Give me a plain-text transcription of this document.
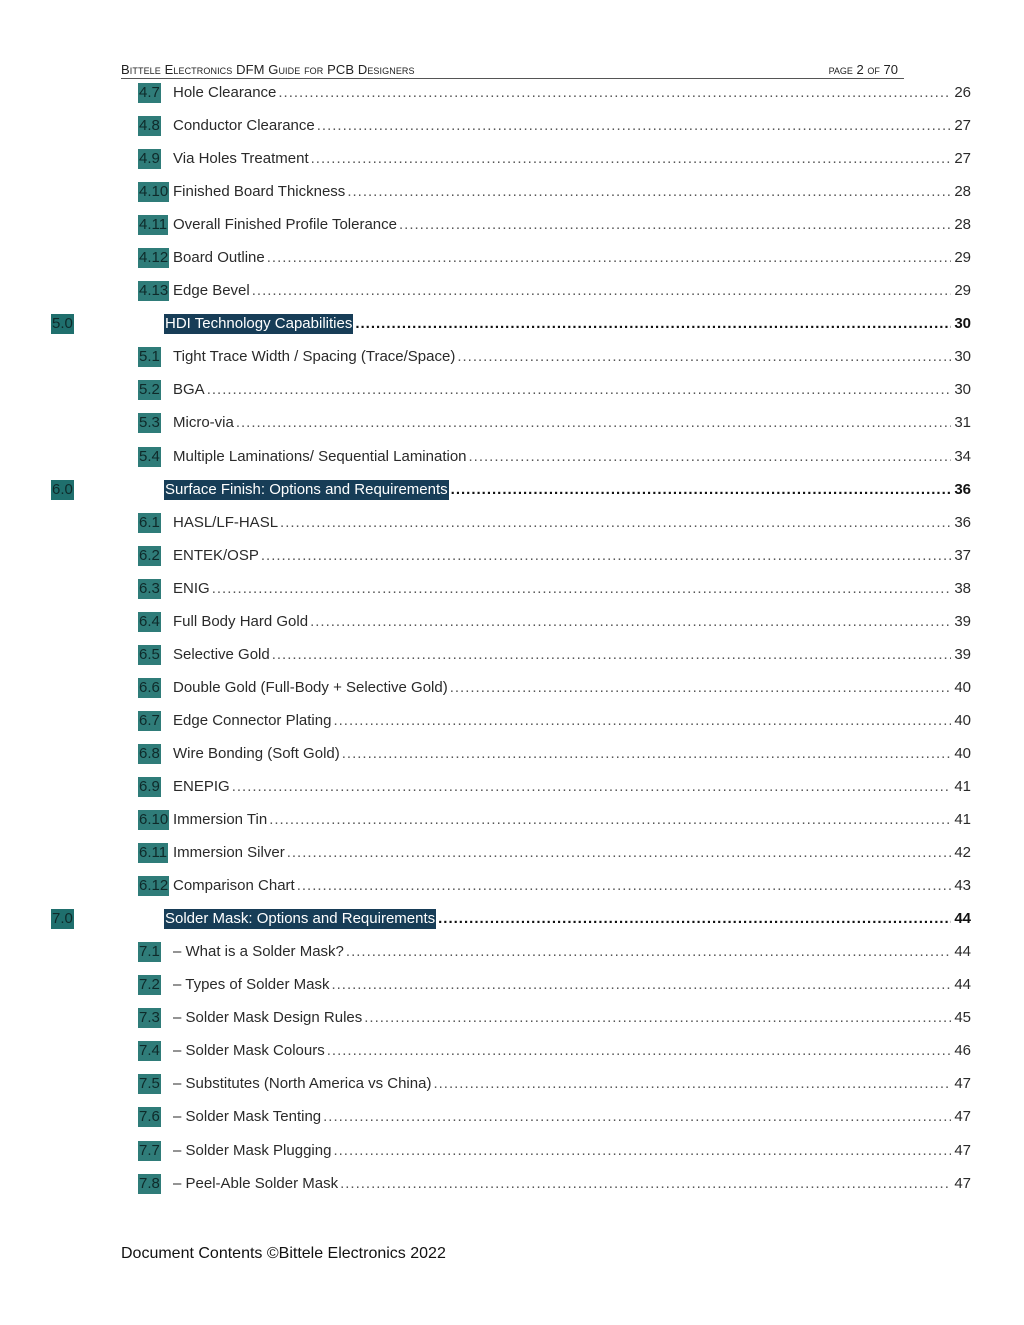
Bittele Electronics DFM Guide for PCB Designers	page 2 of 70
4.7 Hole Clearance .....	26
4.8 Conductor Clearance .....	27
4.9 Via Holes Treatment .....	27
4.10 Finished Board Thickness .....	28
4.11 Overall Finished Profile Tolerance .....	28
4.12 Board Outline .....	29
4.13 Edge Bevel .....	29
5.0	HDI Technology Capabilities .....	30
5.1 Tight Trace Width / Spacing (Trace/Space) .....	30
5.2 BGA .....	30
5.3 Micro-via .....	31
5.4 Multiple Laminations/ Sequential Lamination .....	34
6.0	Surface Finish: Options and Requirements .....	36
6.1 HASL/LF-HASL .....	36
6.2 ENTEK/OSP .....	37
6.3 ENIG .....	38
6.4 Full Body Hard Gold .....	39
6.5 Selective Gold .....	39
6.6 Double Gold (Full-Body + Selective Gold) .....	40
6.7 Edge Connector Plating .....	40
6.8 Wire Bonding (Soft Gold) .....	40
6.9 ENEPIG .....	41
6.10 Immersion Tin .....	41
6.11 Immersion Silver .....	42
6.12 Comparison Chart .....	43
7.0	Solder Mask: Options and Requirements .....	44
7.1 – What is a Solder Mask? .....	44
7.2 – Types of Solder Mask .....	44
7.3 – Solder Mask Design Rules .....	45
7.4 – Solder Mask Colours .....	46
7.5 – Substitutes (North America vs China) .....	47
7.6 – Solder Mask Tenting .....	47
7.7 – Solder Mask Plugging .....	47
7.8 – Peel-Able Solder Mask .....	47
Document Contents ©Bittele Electronics 2022
